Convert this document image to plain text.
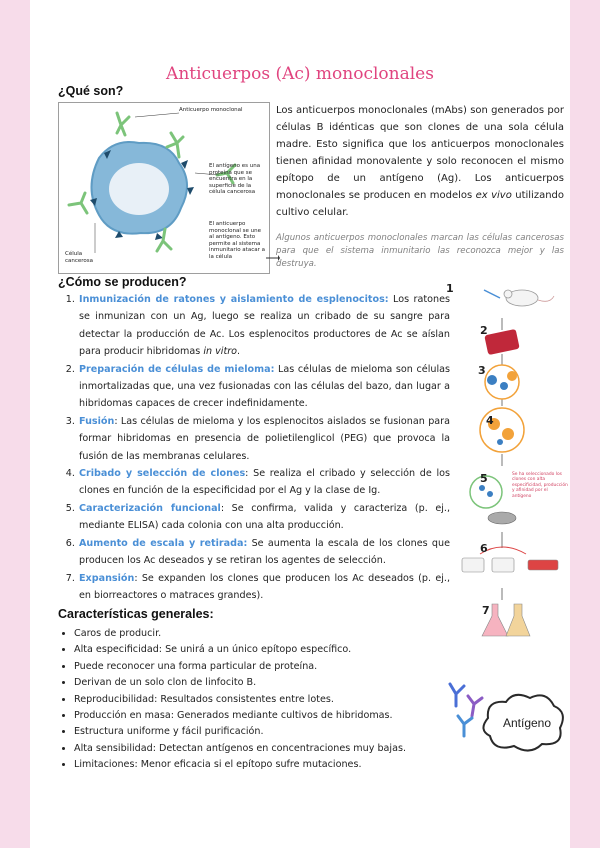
Anticuerpos (Ac) monoclonales
¿Qué son?
Anticuerpo monoclonal
El antígeno es una proteína que se encuentra en la superficie de la célula cancerosa
El anticuerpo monoclonal se une al antígeno. Esto permite al sistema inmunitario atacar a la célula
Célula cancerosa
Los anticuerpos monoclonales (mAbs) son generados por células B idénticas que son clones de una sola célula madre. Esto significa que los anticuerpos monoclonales tienen afinidad monovalente y solo reconocen el mismo epítopo de un antígeno (Ag). Los anticuerpos monoclonales se producen en modelos ex vivo utilizando cultivo celular.
Algunos anticuerpos monoclonales marcan las células cancerosas para que el sistema inmunitario las reconozca mejor y las destruya.
¿Cómo se producen?
1. Inmunización de ratones y aislamiento de esplenocitos: Los ratones se inmunizan con un Ag, luego se realiza un cribado de su sangre para detectar la producción de Ac. Los esplenocitos productores de Ac se aíslan para producir hibridomas in vitro.
2. Preparación de células de mieloma: Las células de mieloma son células inmortalizadas que, una vez fusionadas con las células del bazo, dan lugar a hibridomas capaces de crecer indefinidamente.
3. Fusión: Las células de mieloma y los esplenocitos aislados se fusionan para formar hibridomas en presencia de polietilenglicol (PEG) que provoca la fusión de las membranas celulares.
4. Cribado y selección de clones: Se realiza el cribado y selección de los clones en función de la especificidad por el Ag y la clase de Ig.
5. Caracterización funcional: Se confirma, valida y caracteriza (p. ej., mediante ELISA) cada colonia con una alta producción.
6. Aumento de escala y retirada: Se aumenta la escala de los clones que producen los Ac deseados y se retiran los agentes de selección.
7. Expansión: Se expanden los clones que producen los Ac deseados (p. ej., en biorreactores o matraces grandes).
1
2
3
4
5
6
7
Se ha seleccionado los clones con alta especificidad, producción y afinidad por el antígeno
Características generales:
• Caros de producir.
• Alta especificidad: Se unirá a un único epítopo específico.
• Puede reconocer una forma particular de proteína.
• Derivan de un solo clon de linfocito B.
• Reproducibilidad: Resultados consistentes entre lotes.
• Producción en masa: Generados mediante cultivos de hibridomas.
• Estructura uniforme y fácil purificación.
• Alta sensibilidad: Detectan antígenos en concentraciones muy bajas.
• Limitaciones: Menor eficacia si el epítopo sufre mutaciones.
Antígeno
